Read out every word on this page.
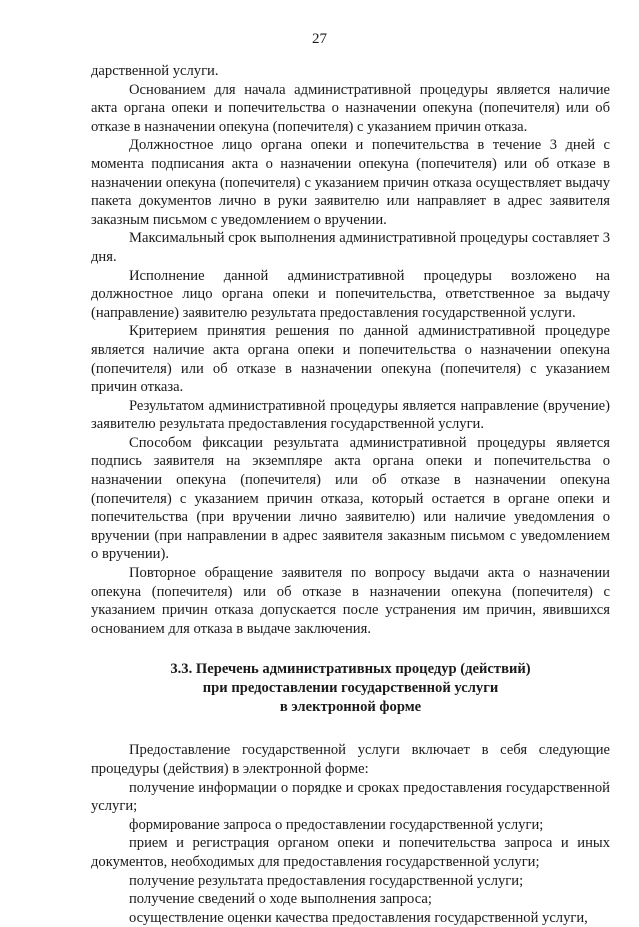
27

дарственной услуги.

Основанием для начала административной процедуры является наличие акта органа опеки и попечительства о назначении опекуна (попечителя) или об отказе в назначении опекуна (попечителя) с указанием причин отказа.

Должностное лицо органа опеки и попечительства в течение 3 дней с момента подписания акта о назначении опекуна (попечителя) или об отказе в назначении опекуна (попечителя) с указанием причин отказа осуществляет выдачу пакета документов лично в руки заявителю или направляет в адрес заявителя заказным письмом с уведомлением о вручении.

Максимальный срок выполнения административной процедуры составляет 3 дня.

Исполнение данной административной процедуры возложено на должностное лицо органа опеки и попечительства, ответственное за выдачу (направление) заявителю результата предоставления государственной услуги.

Критерием принятия решения по данной административной процедуре является наличие акта органа опеки и попечительства о назначении опекуна (попечителя) или об отказе в назначении опекуна (попечителя) с указанием причин отказа.

Результатом административной процедуры является направление (вручение) заявителю результата предоставления государственной услуги.

Способом фиксации результата административной процедуры является подпись заявителя на экземпляре акта органа опеки и попечительства о назначении опекуна (попечителя) или об отказе в назначении опекуна (попечителя) с указанием причин отказа, который остается в органе опеки и попечительства (при вручении лично заявителю) или наличие уведомления о вручении (при направлении в адрес заявителя заказным письмом с уведомлением о вручении).

Повторное обращение заявителя по вопросу выдачи акта о назначении опекуна (попечителя) или об отказе в назначении опекуна (попечителя) с указанием причин отказа допускается после устранения им причин, явившихся основанием для отказа в выдаче заключения.

3.3. Перечень административных процедур (действий)
при предоставлении государственной услуги
в электронной форме

Предоставление государственной услуги включает в себя следующие процедуры (действия) в электронной форме:

получение информации о порядке и сроках предоставления государственной услуги;

формирование запроса о предоставлении государственной услуги;

прием и регистрация органом опеки и попечительства запроса и иных документов, необходимых для предоставления государственной услуги;

получение результата предоставления государственной услуги;

получение сведений о ходе выполнения запроса;

осуществление оценки качества предоставления государственной услуги,
